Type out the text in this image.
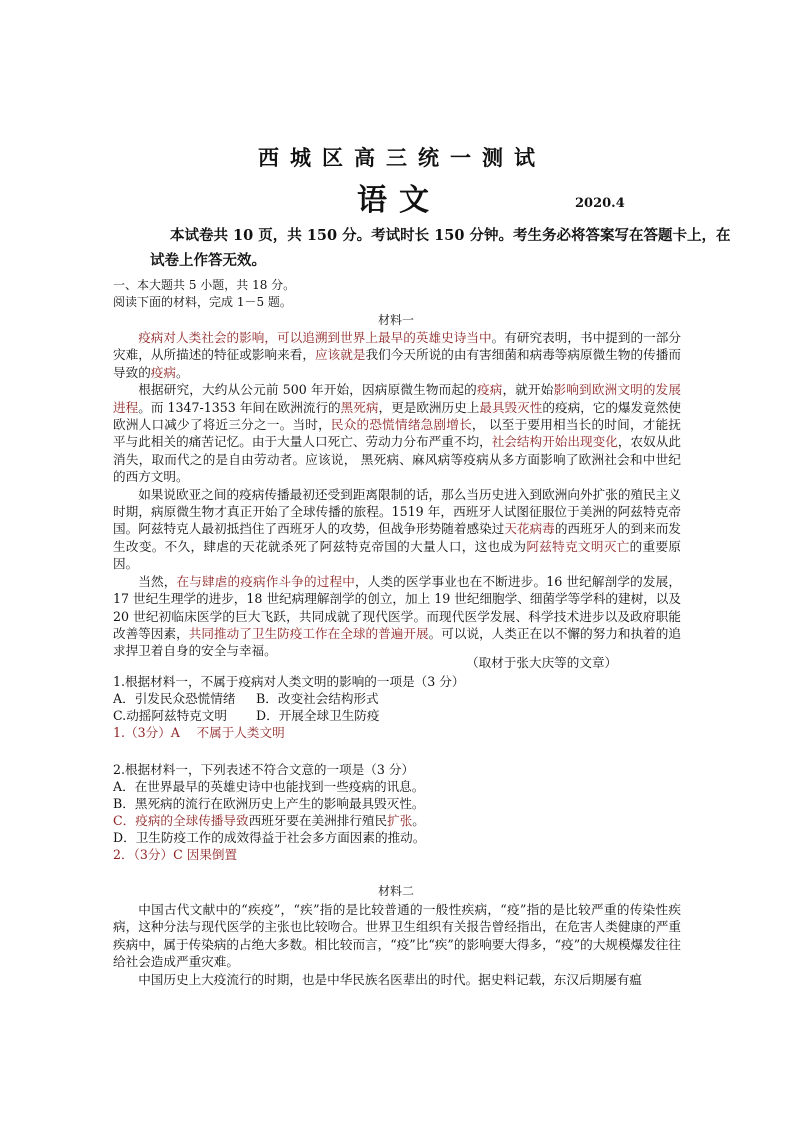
西城区高三统一测试
语文	2020.4
本试卷共 10 页，共 150 分。考试时长 150 分钟。考生务必将答案写在答题卡上，在
试卷上作答无效。
一、本大题共 5 小题，共 18 分。
阅读下面的材料，完成 1－5 题。
材料一

疫病对人类社会的影响，可以追溯到世界上最早的英雄史诗当中。有研究表明，书中提到的一部分灾难，从所描述的特征或影响来看，应该就是我们今天所说的由有害细菌和病毒等病原微生物的传播而导致的疫病。

根据研究，大约从公元前 500 年开始，因病原微生物而起的疫病，就开始影响到欧洲文明的发展进程。而 1347-1353 年间在欧洲流行的黑死病，更是欧洲历史上最具毁灭性的疫病，它的爆发竟然使欧洲人口减少了将近三分之一。当时，民众的恐慌情绪急剧增长， 以至于要用相当长的时间，才能抚平与此相关的痛苦记忆。由于大量人口死亡、劳动力分布严重不均，社会结构开始出现变化，农奴从此消失，取而代之的是自由劳动者。应该说， 黑死病、麻风病等疫病从多方面影响了欧洲社会和中世纪的西方文明。

如果说欧亚之间的疫病传播最初还受到距离限制的话，那么当历史进入到欧洲向外扩张的殖民主义时期，病原微生物才真正开始了全球传播的旅程。1519 年，西班牙人试图征服位于美洲的阿兹特克帝国。阿兹特克人最初抵挡住了西班牙人的攻势，但战争形势随着感染过天花病毒的西班牙人的到来而发生改变。不久，肆虐的天花就杀死了阿兹特克帝国的大量人口，这也成为阿兹特克文明灭亡的重要原因。

当然，在与肆虐的疫病作斗争的过程中，人类的医学事业也在不断进步。16 世纪解剖学的发展，17 世纪生理学的进步，18 世纪病理解剖学的创立，加上 19 世纪细胞学、细菌学等学科的建树，以及 20 世纪初临床医学的巨大飞跃，共同成就了现代医学。而现代医学发展、科学技术进步以及政府职能改善等因素，共同推动了卫生防疫工作在全球的普遍开展。可以说，人类正在以不懈的努力和执着的追求捍卫着自身的安全与幸福。

（取材于张大庆等的文章）
1.根据材料一，不属于疫病对人类文明的影响的一项是（3 分）
A．引发民众恐慌情绪 B．改变社会结构形式
C.动摇阿兹特克文明 D．开展全球卫生防疫
1.（3分）A　 不属于人类文明
2.根据材料一，下列表述不符合文意的一项是（3 分）
A．在世界最早的英雄史诗中也能找到一些疫病的讯息。
B．黑死病的流行在欧洲历史上产生的影响最具毁灭性。
C．疫病的全球传播导致西班牙要在美洲排行殖民扩张。
D．卫生防疫工作的成效得益于社会多方面因素的推动。
2．（3分）C 因果倒置
材料二

中国古代文献中的“疾疫”，“疾”指的是比较普通的一般性疾病，“疫”指的是比较严重的传染性疾病，这种分法与现代医学的主张也比较吻合。世界卫生组织有关报告曾经指出，在危害人类健康的严重疾病中，属于传染病的占绝大多数。相比较而言，“疫”比“疾”的影响要大得多，“疫”的大规模爆发往往给社会造成严重灾难。

中国历史上大疫流行的时期，也是中华民族名医辈出的时代。据史料记载，东汉后期屡有瘟
